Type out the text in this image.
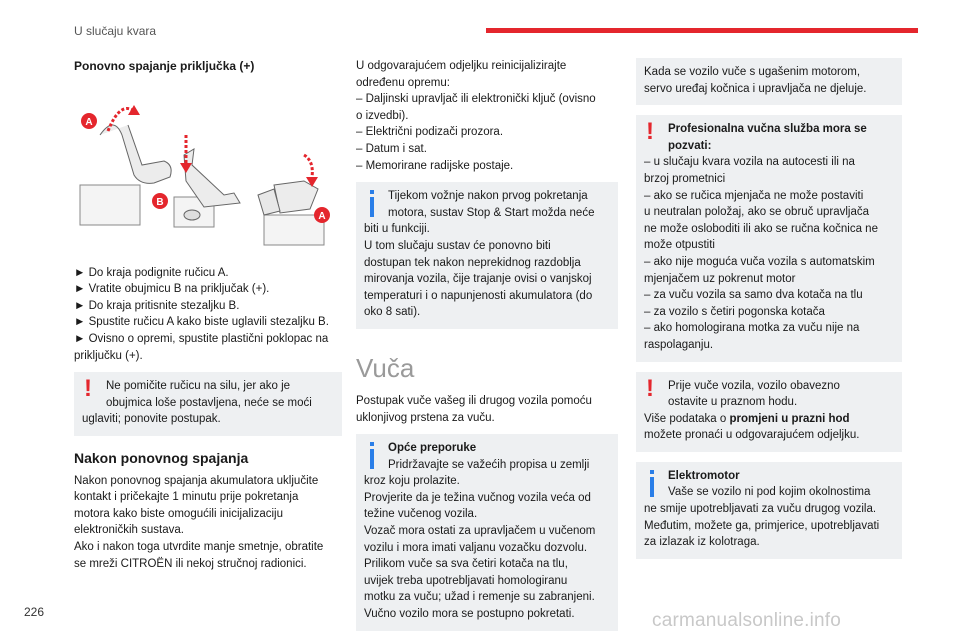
U slučaju kvara
Ponovno spajanje priključka (+)
A
B
A

► Do kraja podignite ručicu A.

► Vratite obujmicu B na priključak (+).

► Do kraja pritisnite stezaljku B.

► Spustite ručicu A kako biste uglavili stezaljku B.

► Ovisno o opremi, spustite plastični poklopac na priključku (+).

!	Ne pomičite ručicu na silu, jer ako je
obujmica loše postavljena, neće se moći
uglaviti; ponovite postupak.
Nakon ponovnog spajanja
Nakon ponovnog spajanja akumulatora uključite
kontakt i pričekajte 1 minutu prije pokretanja
motora kako biste omogućili inicijalizaciju
elektroničkih sustava.
Ako i nakon toga utvrdite manje smetnje, obratite
se mreži CITROËN ili nekoj stručnoj radionici.
U odgovarajućem odjeljku reinicijalizirajte
određenu opremu:
– Daljinski upravljač ili elektronički ključ (ovisno
o izvedbi).
– Električni podizači prozora.
– Datum i sat.
– Memorirane radijske postaje.
Tijekom vožnje nakon prvog pokretanja
motora, sustav Stop & Start možda neće
biti u funkciji.
U tom slučaju sustav će ponovno biti
dostupan tek nakon neprekidnog razdoblja
mirovanja vozila, čije trajanje ovisi o vanjskoj
temperaturi i o napunjenosti akumulatora (do
oko 8 sati).
Vuča
Postupak vuče vašeg ili drugog vozila pomoću
uklonjivog prstena za vuču.
Opće preporuke
Pridržavajte se važećih propisa u zemlji
kroz koju prolazite.
Provjerite da je težina vučnog vozila veća od
težine vučenog vozila.
Vozač mora ostati za upravljačem u vučenom
vozilu i mora imati valjanu vozačku dozvolu.
Prilikom vuče sa sva četiri kotača na tlu,
uvijek treba upotrebljavati homologiranu
motku za vuču; užad i remenje su zabranjeni.
Vučno vozilo mora se postupno pokretati.
Kada se vozilo vuče s ugašenim motorom,
servo uređaj kočnica i upravljača ne djeluje.
!	Profesionalna vučna služba mora se
pozvati:
– u slučaju kvara vozila na autocesti ili na
brzoj prometnici
– ako se ručica mjenjača ne može postaviti
u neutralan položaj, ako se obruč upravljača
ne može osloboditi ili ako se ručna kočnica ne
može otpustiti
– ako nije moguća vuča vozila s automatskim
mjenjačem uz pokrenut motor
– za vuču vozila sa samo dva kotača na tlu
– za vozilo s četiri pogonska kotača
– ako homologirana motka za vuču nije na
raspolaganju.
!	Prije vuče vozila, vozilo obavezno
ostavite u praznom hodu.
Više podataka o promjeni u prazni hod
možete pronaći u odgovarajućem odjeljku.
Elektromotor
Vaše se vozilo ni pod kojim okolnostima
ne smije upotrebljavati za vuču drugog vozila.
Međutim, možete ga, primjerice, upotrebljavati
za izlazak iz kolotraga.
226	carmanualsonline.info
